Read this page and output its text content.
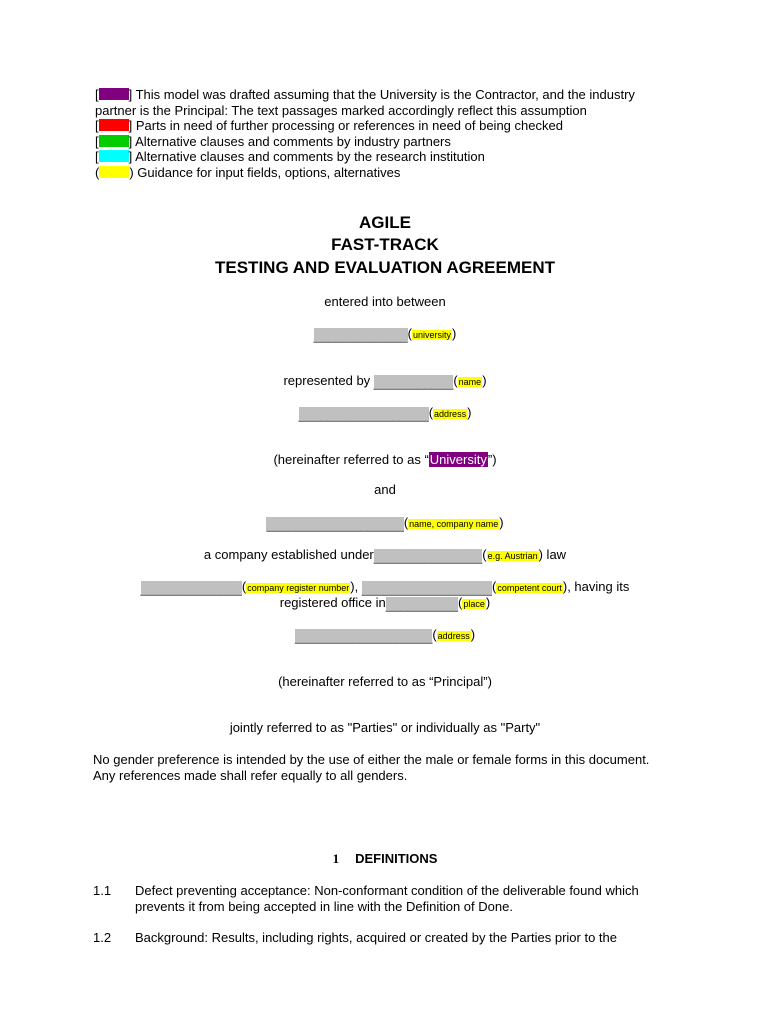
[ ] This model was drafted assuming that the University is the Contractor, and the industry partner is the Principal: The text passages marked accordingly reflect this assumption
[ ] Parts in need of further processing or references in need of being checked
[ ] Alternative clauses and comments by industry partners
[ ] Alternative clauses and comments by the research institution
( ) Guidance for input fields, options, alternatives
AGILE
FAST-TRACK
TESTING AND EVALUATION AGREEMENT
entered into between
_____________(university)
represented by ___________(name)
__________________(address)
(hereinafter referred to as “University”)
and
___________________(name, company name)
a company established under_______________(e.g. Austrian) law
______________(company register number), __________________(competent court), having its
registered office in__________(place)
___________________(address)
(hereinafter referred to as “Principal”)
jointly referred to as "Parties" or individually as "Party"
No gender preference is intended by the use of either the male or female forms in this document. Any references made shall refer equally to all genders.
1 DEFINITIONS
1.1 Defect preventing acceptance: Non-conformant condition of the deliverable found which prevents it from being accepted in line with the Definition of Done.
1.2 Background: Results, including rights, acquired or created by the Parties prior to the
